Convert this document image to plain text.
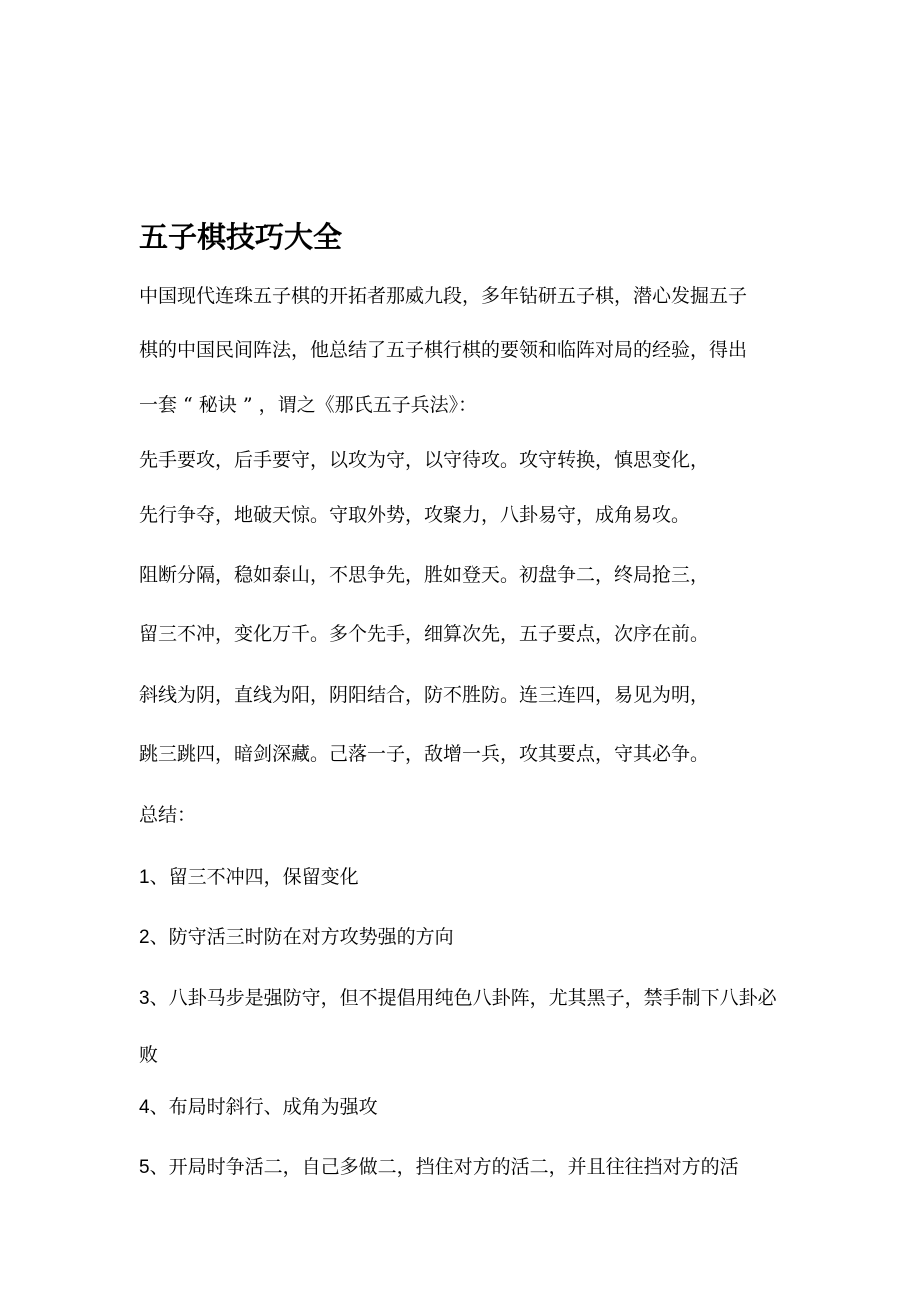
五子棋技巧大全

中国现代连珠五子棋的开拓者那威九段，多年钻研五子棋，潜心发掘五子

棋的中国民间阵法，他总结了五子棋行棋的要领和临阵对局的经验，得出

一套 “ 秘诀 ” ，谓之《那氏五子兵法》：

先手要攻，后手要守，以攻为守，以守待攻。攻守转换，慎思变化，

先行争夺，地破天惊。守取外势，攻聚力，八卦易守，成角易攻。

阻断分隔，稳如泰山，不思争先，胜如登天。初盘争二，终局抢三，

留三不冲，变化万千。多个先手，细算次先，五子要点，次序在前。

斜线为阴，直线为阳，阴阳结合，防不胜防。连三连四，易见为明，

跳三跳四，暗剑深藏。己落一子，敌增一兵，攻其要点，守其必争。

总结：

1、留三不冲四，保留变化

2、防守活三时防在对方攻势强的方向

3、八卦马步是强防守，但不提倡用纯色八卦阵，尤其黑子，禁手制下八卦必败

4、布局时斜行、成角为强攻

5、开局时争活二，自己多做二，挡住对方的活二，并且往往挡对方的活
